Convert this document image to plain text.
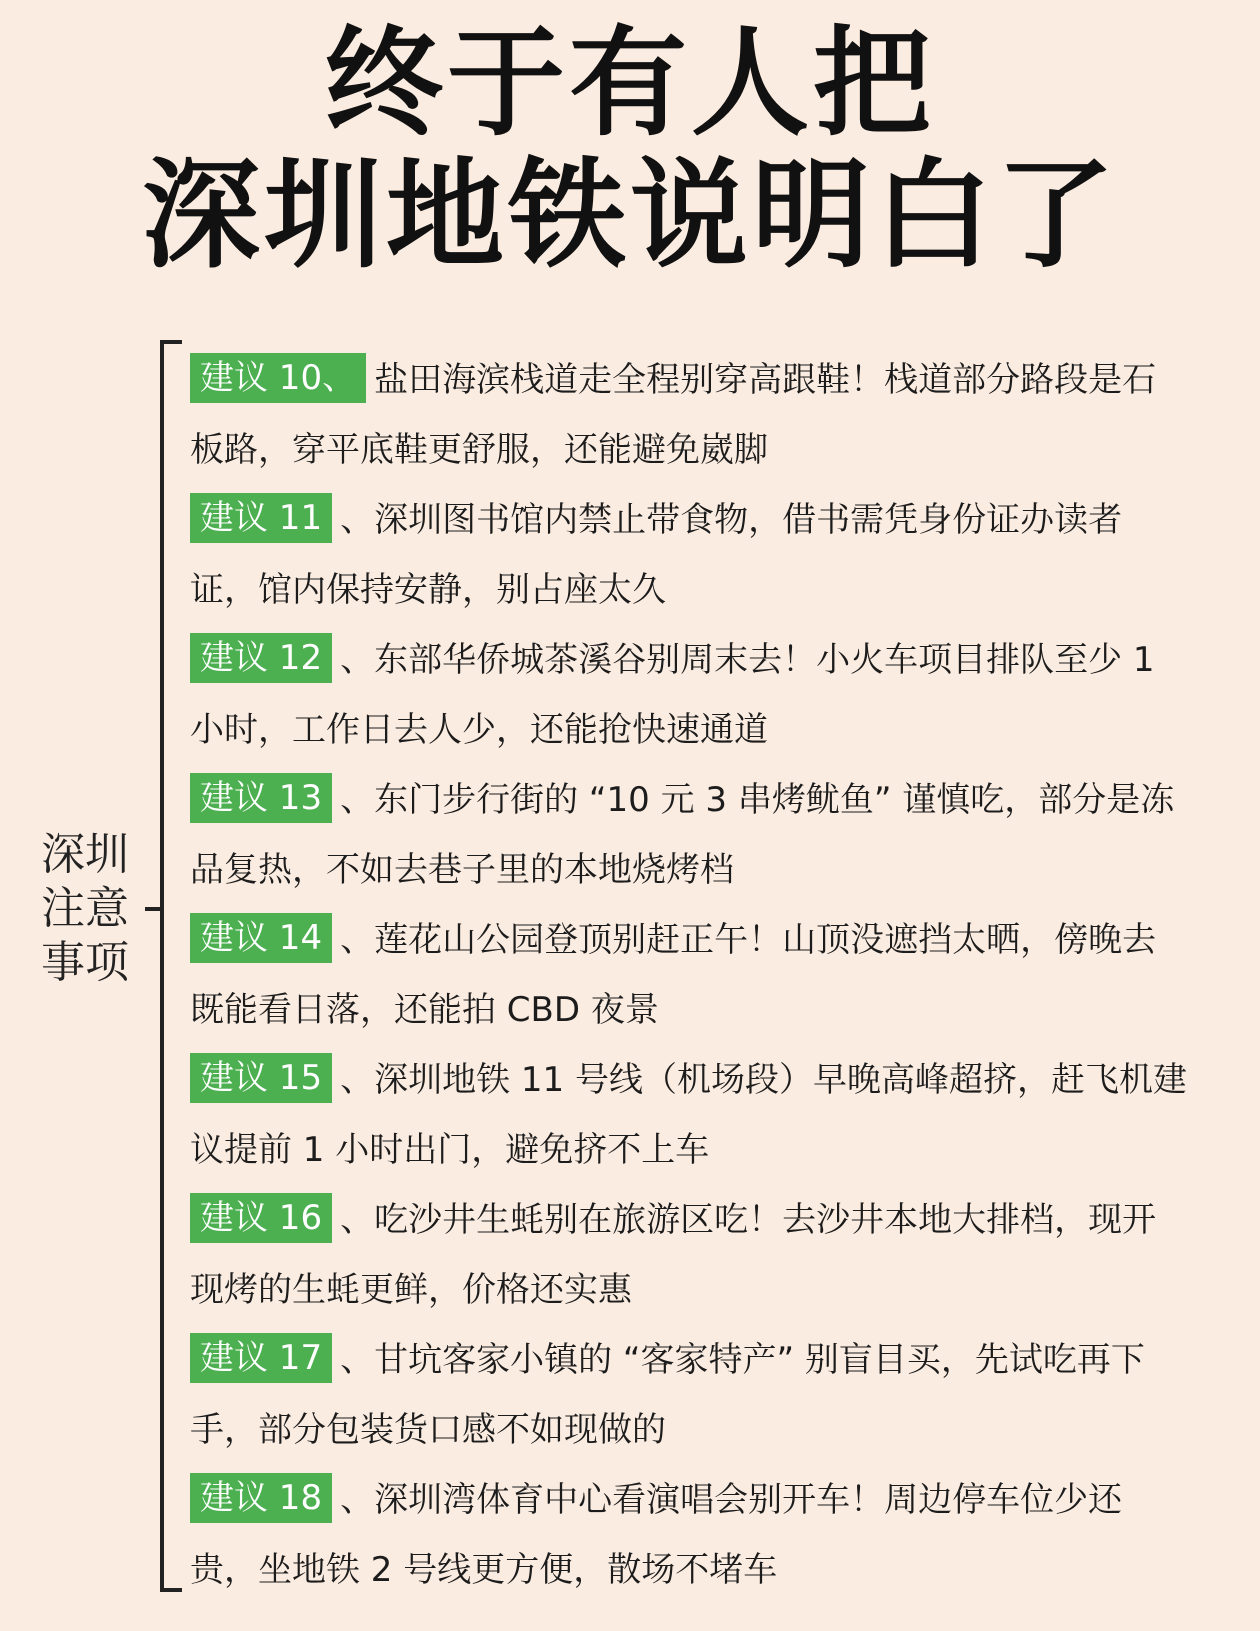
终于有人把
深圳地铁说明白了
深圳
注意
事项
建议 10、 盐田海滨栈道走全程别穿高跟鞋！栈道部分路段是石板路，穿平底鞋更舒服，还能避免崴脚
建议 11 、深圳图书馆内禁止带食物，借书需凭身份证办读者证，馆内保持安静，别占座太久
建议 12 、东部华侨城茶溪谷别周末去！小火车项目排队至少 1 小时，工作日去人少，还能抢快速通道
建议 13 、东门步行街的 “10 元 3 串烤鱿鱼” 谨慎吃，部分是冻品复热，不如去巷子里的本地烧烤档
建议 14 、莲花山公园登顶别赶正午！山顶没遮挡太晒，傍晚去既能看日落，还能拍 CBD 夜景
建议 15 、深圳地铁 11 号线（机场段）早晚高峰超挤，赶飞机建议提前 1 小时出门，避免挤不上车
建议 16 、吃沙井生蚝别在旅游区吃！去沙井本地大排档，现开现烤的生蚝更鲜，价格还实惠
建议 17 、甘坑客家小镇的 “客家特产” 别盲目买，先试吃再下手，部分包装货口感不如现做的
建议 18 、深圳湾体育中心看演唱会别开车！周边停车位少还贵，坐地铁 2 号线更方便，散场不堵车
